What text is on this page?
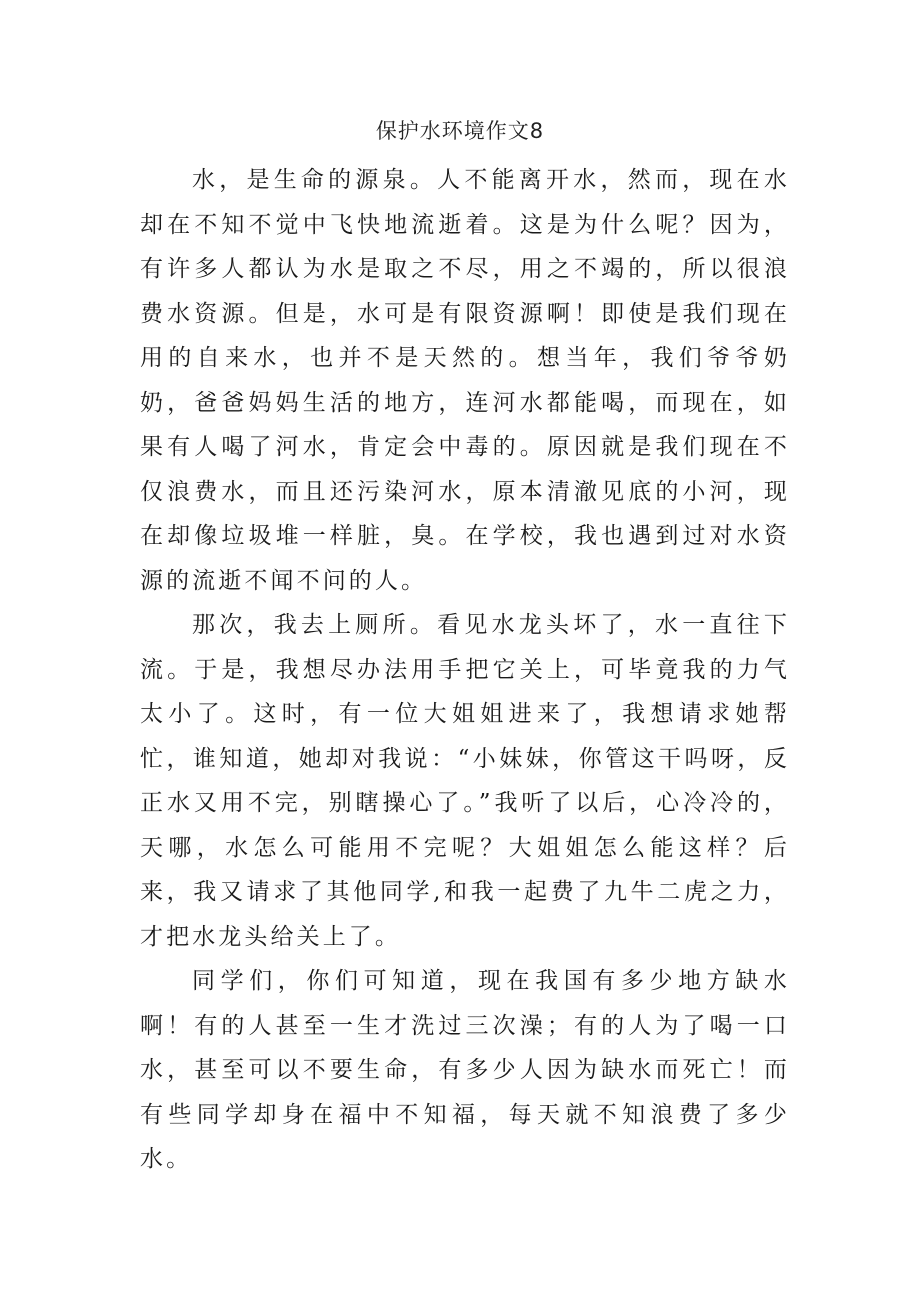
保护水环境作文8

水，是生命的源泉。人不能离开水，然而，现在水却在不知不觉中飞快地流逝着。这是为什么呢？因为，有许多人都认为水是取之不尽，用之不竭的，所以很浪费水资源。但是，水可是有限资源啊！即使是我们现在用的自来水，也并不是天然的。想当年，我们爷爷奶奶，爸爸妈妈生活的地方，连河水都能喝，而现在，如果有人喝了河水，肯定会中毒的。原因就是我们现在不仅浪费水，而且还污染河水，原本清澈见底的小河，现在却像垃圾堆一样脏，臭。在学校，我也遇到过对水资源的流逝不闻不问的人。

那次，我去上厕所。看见水龙头坏了，水一直往下流。于是，我想尽办法用手把它关上，可毕竟我的力气太小了。这时，有一位大姐姐进来了，我想请求她帮忙，谁知道，她却对我说：“小妹妹，你管这干吗呀，反正水又用不完，别瞎操心了。”我听了以后，心冷冷的，天哪，水怎么可能用不完呢？大姐姐怎么能这样？后来，我又请求了其他同学,和我一起费了九牛二虎之力，才把水龙头给关上了。

同学们，你们可知道，现在我国有多少地方缺水啊！有的人甚至一生才洗过三次澡；有的人为了喝一口水，甚至可以不要生命，有多少人因为缺水而死亡！而有些同学却身在福中不知福，每天就不知浪费了多少水。
